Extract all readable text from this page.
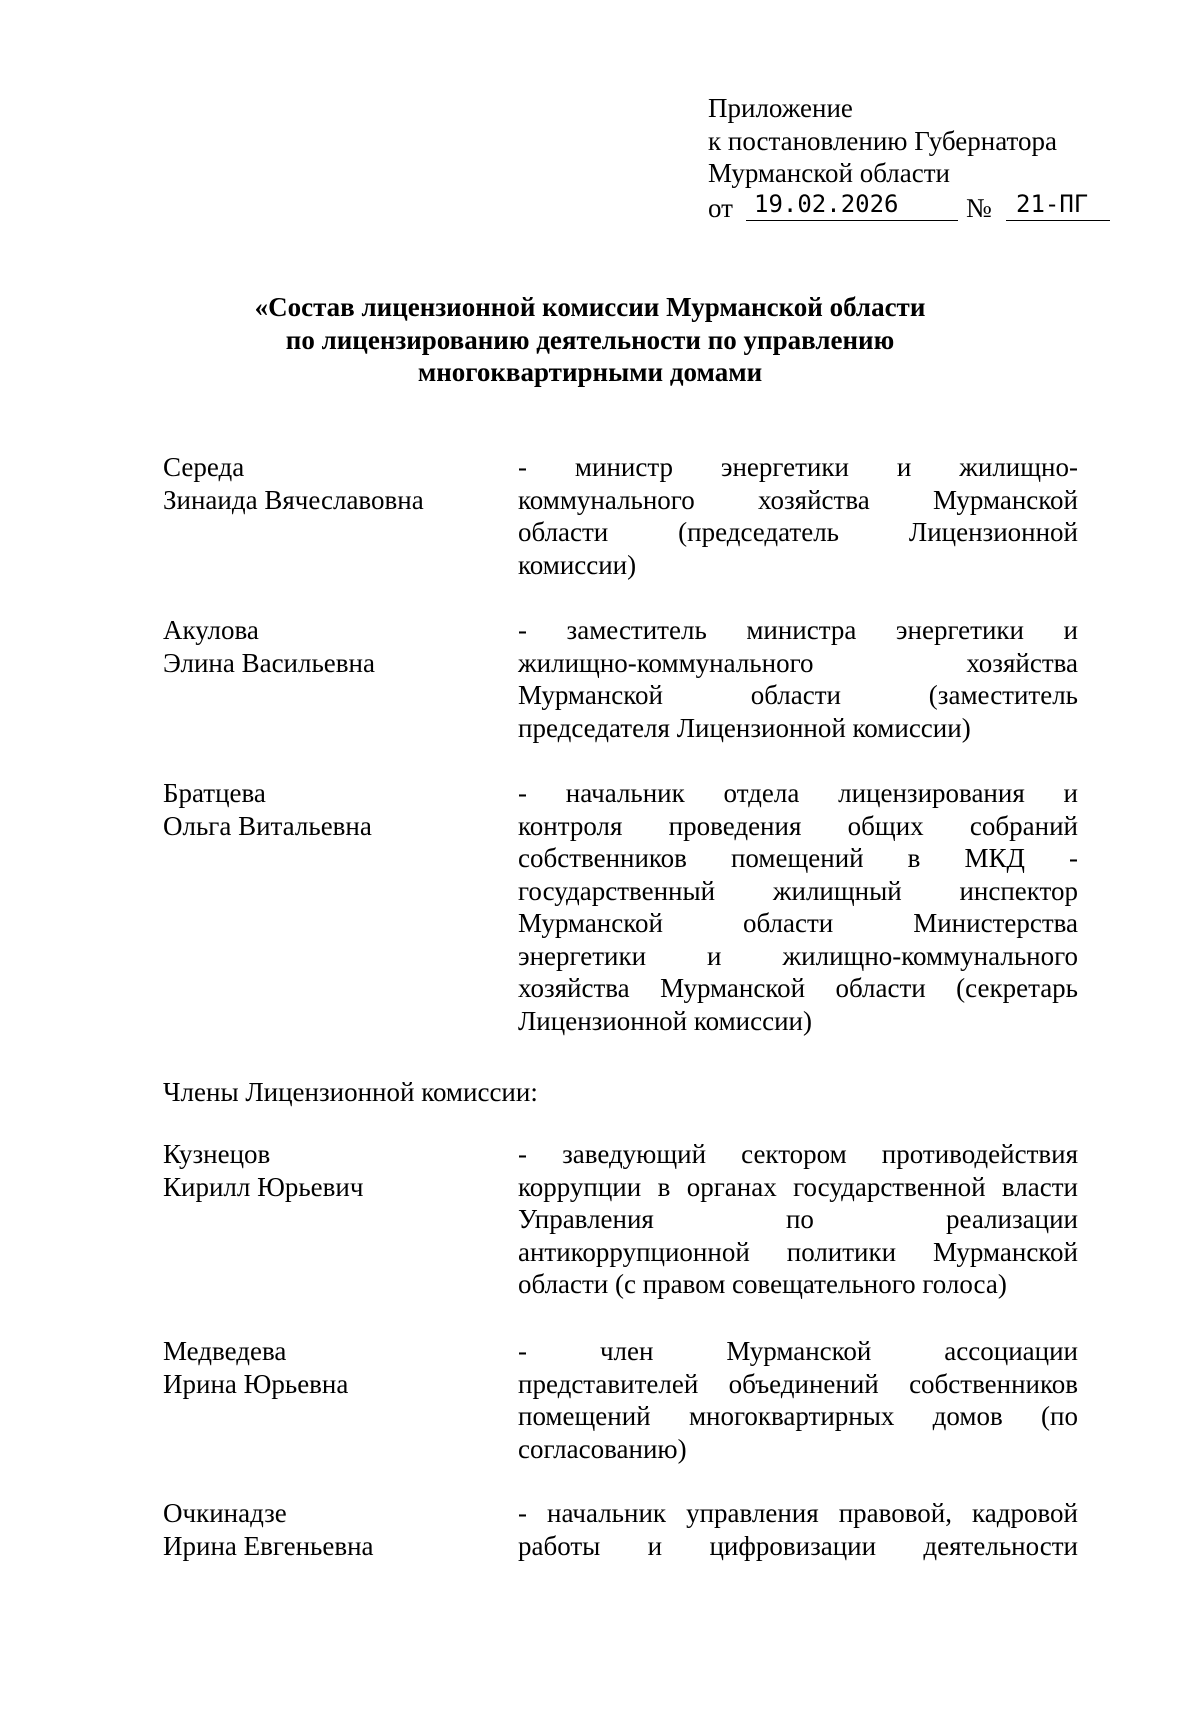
Приложение
к постановлению Губернатора
Мурманской области
от 19.02.2026	№ 21-ПГ
«Состав лицензионной комиссии Мурманской области
по лицензированию деятельности по управлению
многоквартирными домами
Середа
Зинаида Вячеславовна
- министр энергетики и жилищно-
коммунального хозяйства Мурманской
области (председатель Лицензионной
комиссии)
Акулова
Элина Васильевна
- заместитель министра энергетики и
жилищно-коммунального хозяйства
Мурманской области (заместитель
председателя Лицензионной комиссии)
Братцева
Ольга Витальевна
- начальник отдела лицензирования и
контроля проведения общих собраний
собственников помещений в МКД -
государственный жилищный инспектор
Мурманской области Министерства
энергетики и жилищно-коммунального
хозяйства Мурманской области (секретарь
Лицензионной комиссии)
Члены Лицензионной комиссии:
Кузнецов
Кирилл Юрьевич
- заведующий сектором противодействия
коррупции в органах государственной власти
Управления по реализации
антикоррупционной политики Мурманской
области (с правом совещательного голоса)
Медведева
Ирина Юрьевна
- член Мурманской ассоциации
представителей объединений собственников
помещений многоквартирных домов (по
согласованию)
Очкинадзе
Ирина Евгеньевна
- начальник управления правовой, кадровой
работы и цифровизации деятельности
